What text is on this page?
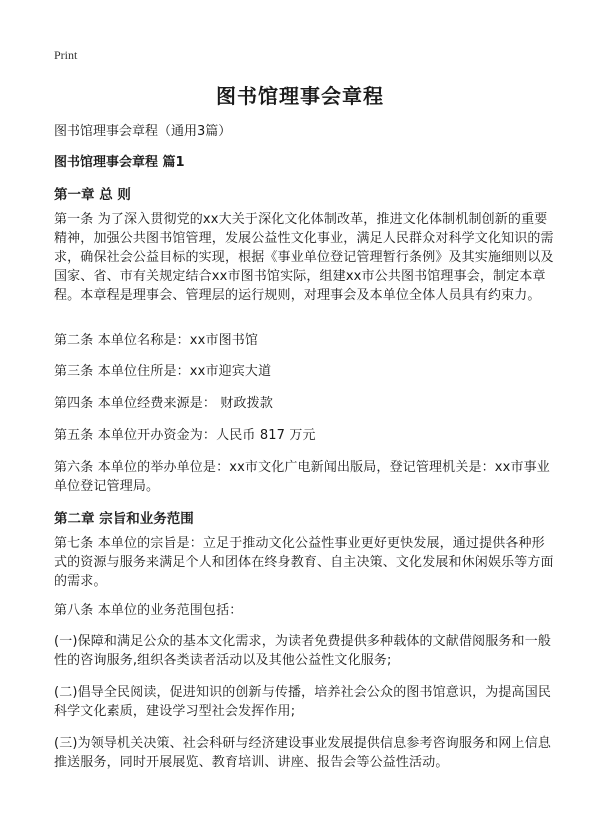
Print
图书馆理事会章程
图书馆理事会章程（通用3篇）
图书馆理事会章程 篇1
第一章 总 则
第一条 为了深入贯彻党的xx大关于深化文化体制改革，推进文化体制机制创新的重要精神，加强公共图书馆管理，发展公益性文化事业，满足人民群众对科学文化知识的需求，确保社会公益目标的实现，根据《事业单位登记管理暂行条例》及其实施细则以及国家、省、市有关规定结合xx市图书馆实际，组建xx市公共图书馆理事会，制定本章程。本章程是理事会、管理层的运行规则，对理事会及本单位全体人员具有约束力。
第二条 本单位名称是：xx市图书馆
第三条 本单位住所是：xx市迎宾大道
第四条 本单位经费来源是： 财政拨款
第五条 本单位开办资金为：人民币 817 万元
第六条 本单位的举办单位是：xx市文化广电新闻出版局，登记管理机关是：xx市事业单位登记管理局。
第二章 宗旨和业务范围
第七条 本单位的宗旨是：立足于推动文化公益性事业更好更快发展，通过提供各种形式的资源与服务来满足个人和团体在终身教育、自主决策、文化发展和休闲娱乐等方面的需求。
第八条 本单位的业务范围包括：
(一)保障和满足公众的基本文化需求，为读者免费提供多种载体的文献借阅服务和一般性的咨询服务,组织各类读者活动以及其他公益性文化服务;
(二)倡导全民阅读，促进知识的创新与传播，培养社会公众的图书馆意识，为提高国民科学文化素质，建设学习型社会发挥作用;
(三)为领导机关决策、社会科研与经济建设事业发展提供信息参考咨询服务和网上信息推送服务，同时开展展览、教育培训、讲座、报告会等公益性活动。
